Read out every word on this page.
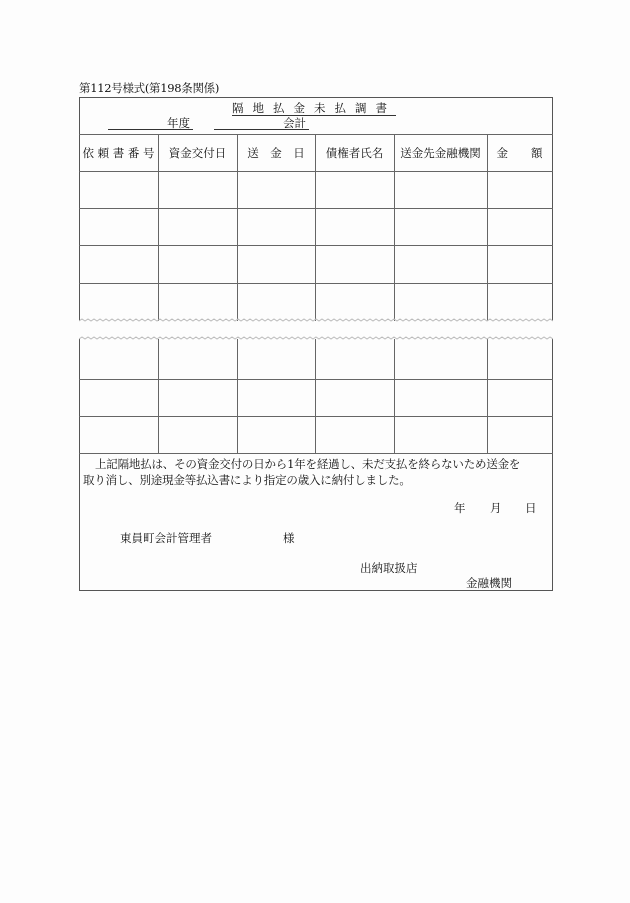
第112号様式(第198条関係)
隔地払金未払調書
年度	会計
依 頼 書 番 号	資金交付日	送　金　日	債権者氏名	送金先金融機関	金　　額
上記隔地払は、その資金交付の日から1年を経過し、未だ支払を終らないため送金を
取り消し、別途現金等払込書により指定の歳入に納付しました。
年 月 日
東員町会計管理者	様
出納取扱店
金融機関
